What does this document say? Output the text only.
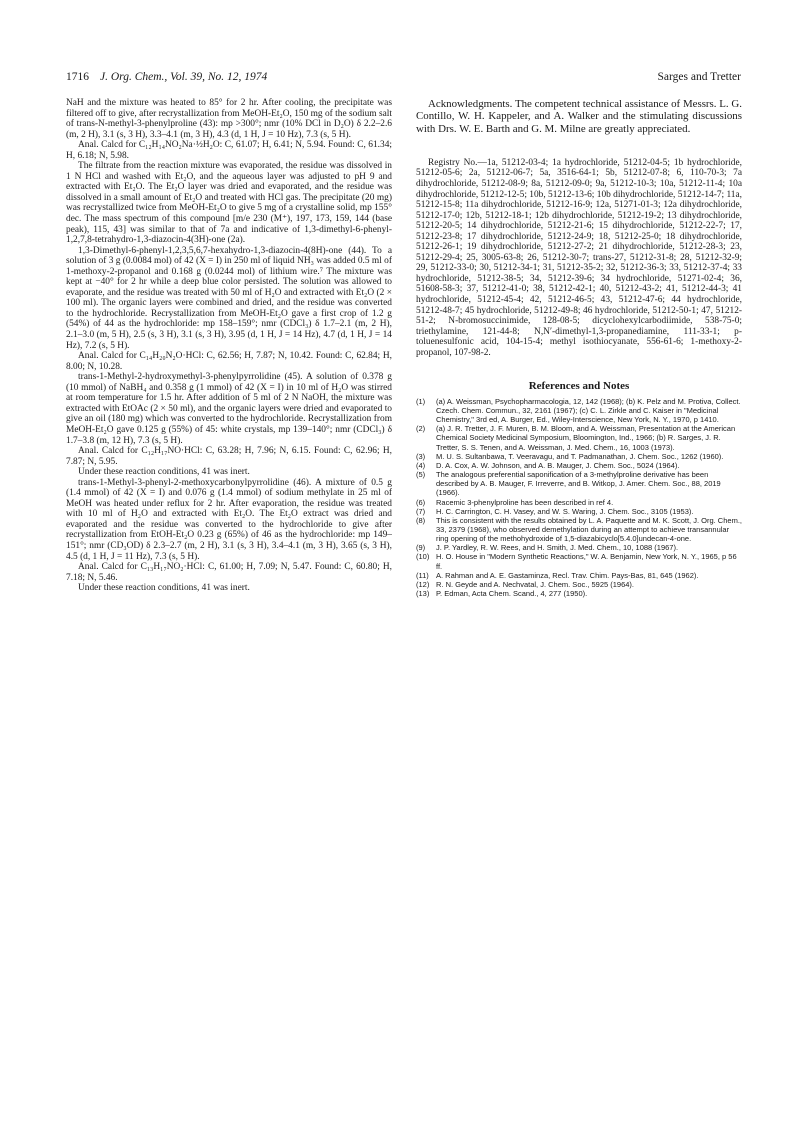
1716 J. Org. Chem., Vol. 39, No. 12, 1974	Sarges and Tretter

NaH and the mixture was heated to 85° for 2 hr. After cooling, the precipitate was filtered off to give, after recrystallization from MeOH-Et₂O, 150 mg of the sodium salt of trans-N-methyl-3-phenylproline (43): mp >300°; nmr (10% DCl in D₂O) δ 2.2–2.6 (m, 2 H), 3.1 (s, 3 H), 3.3–4.1 (m, 3 H), 4.3 (d, 1 H, J = 10 Hz), 7.3 (s, 5 H).

Anal. Calcd for C₁₂H₁₄NO₂Na·½H₂O: C, 61.07; H, 6.41; N, 5.94. Found: C, 61.34; H, 6.18; N, 5.98.

The filtrate from the reaction mixture was evaporated, the residue was dissolved in 1 N HCl and washed with Et₂O, and the aqueous layer was adjusted to pH 9 and extracted with Et₂O. The Et₂O layer was dried and evaporated, and the residue was dissolved in a small amount of Et₂O and treated with HCl gas. The precipitate (20 mg) was recrystallized twice from MeOH-Et₂O to give 5 mg of a crystalline solid, mp 155° dec. The mass spectrum of this compound [m/e 230 (M⁺), 197, 173, 159, 144 (base peak), 115, 43] was similar to that of 7a and indicative of 1,3-dimethyl-6-phenyl-1,2,7,8-tetrahydro-1,3-diazocin-4(3H)-one (2a).

1,3-Dimethyl-6-phenyl-1,2,3,5,6,7-hexahydro-1,3-diazocin-4(8H)-one (44). To a solution of 3 g (0.0084 mol) of 42 (X = I) in 250 ml of liquid NH₃ was added 0.5 ml of 1-methoxy-2-propanol and 0.168 g (0.0244 mol) of lithium wire.⁷ The mixture was kept at −40° for 2 hr while a deep blue color persisted. The solution was allowed to evaporate, and the residue was treated with 50 ml of H₂O and extracted with Et₂O (2 × 100 ml). The organic layers were combined and dried, and the residue was converted to the hydrochloride. Recrystallization from MeOH-Et₂O gave a first crop of 1.2 g (54%) of 44 as the hydrochloride: mp 158–159°; nmr (CDCl₃) δ 1.7–2.1 (m, 2 H), 2.1–3.0 (m, 5 H), 2.5 (s, 3 H), 3.1 (s, 3 H), 3.95 (d, 1 H, J = 14 Hz), 4.7 (d, 1 H, J = 14 Hz), 7.2 (s, 5 H).

Anal. Calcd for C₁₄H₂₀N₂O·HCl: C, 62.56; H, 7.87; N, 10.42. Found: C, 62.84; H, 8.00; N, 10.28.

trans-1-Methyl-2-hydroxymethyl-3-phenylpyrrolidine (45). A solution of 0.378 g (10 mmol) of NaBH₄ and 0.358 g (1 mmol) of 42 (X = I) in 10 ml of H₂O was stirred at room temperature for 1.5 hr. After addition of 5 ml of 2 N NaOH, the mixture was extracted with EtOAc (2 × 50 ml), and the organic layers were dried and evaporated to give an oil (180 mg) which was converted to the hydrochloride. Recrystallization from MeOH-Et₂O gave 0.125 g (55%) of 45: white crystals, mp 139–140°; nmr (CDCl₃) δ 1.7–3.8 (m, 12 H), 7.3 (s, 5 H).

Anal. Calcd for C₁₂H₁₇NO·HCl: C, 63.28; H, 7.96; N, 6.15. Found: C, 62.96; H, 7.87; N, 5.95.

Under these reaction conditions, 41 was inert.

trans-1-Methyl-3-phenyl-2-methoxycarbonylpyrrolidine (46). A mixture of 0.5 g (1.4 mmol) of 42 (X = I) and 0.076 g (1.4 mmol) of sodium methylate in 25 ml of MeOH was heated under reflux for 2 hr. After evaporation, the residue was treated with 10 ml of H₂O and extracted with Et₂O. The Et₂O extract was dried and evaporated and the residue was converted to the hydrochloride to give after recrystallization from EtOH-Et₂O 0.23 g (65%) of 46 as the hydrochloride: mp 149–151°; nmr (CD₃OD) δ 2.3–2.7 (m, 2 H), 3.1 (s, 3 H), 3.4–4.1 (m, 3 H), 3.65 (s, 3 H), 4.5 (d, 1 H, J = 11 Hz), 7.3 (s, 5 H).

Anal. Calcd for C₁₃H₁₇NO₂·HCl: C, 61.00; H, 7.09; N, 5.47. Found: C, 60.80; H, 7.18; N, 5.46.

Under these reaction conditions, 41 was inert.

Acknowledgments. The competent technical assistance of Messrs. L. G. Contillo, W. H. Kappeler, and A. Walker and the stimulating discussions with Drs. W. E. Barth and G. M. Milne are greatly appreciated.

Registry No.—1a, 51212-03-4; 1a hydrochloride, 51212-04-5; 1b hydrochloride, 51212-05-6; 2a, 51212-06-7; 5a, 3516-64-1; 5b, 51212-07-8; 6, 110-70-3; 7a dihydrochloride, 51212-08-9; 8a, 51212-09-0; 9a, 51212-10-3; 10a, 51212-11-4; 10a dihydrochloride, 51212-12-5; 10b, 51212-13-6; 10b dihydrochloride, 51212-14-7; 11a, 51212-15-8; 11a dihydrochloride, 51212-16-9; 12a, 51271-01-3; 12a dihydrochloride, 51212-17-0; 12b, 51212-18-1; 12b dihydrochloride, 51212-19-2; 13 dihydrochloride, 51212-20-5; 14 dihydrochloride, 51212-21-6; 15 dihydrochloride, 51212-22-7; 17, 51212-23-8; 17 dihydrochloride, 51212-24-9; 18, 51212-25-0; 18 dihydrochloride, 51212-26-1; 19 dihydrochloride, 51212-27-2; 21 dihydrochloride, 51212-28-3; 23, 51212-29-4; 25, 3005-63-8; 26, 51212-30-7; trans-27, 51212-31-8; 28, 51212-32-9; 29, 51212-33-0; 30, 51212-34-1; 31, 51212-35-2; 32, 51212-36-3; 33, 51212-37-4; 33 hydrochloride, 51212-38-5; 34, 51212-39-6; 34 hydrochloride, 51271-02-4; 36, 51608-58-3; 37, 51212-41-0; 38, 51212-42-1; 40, 51212-43-2; 41, 51212-44-3; 41 hydrochloride, 51212-45-4; 42, 51212-46-5; 43, 51212-47-6; 44 hydrochloride, 51212-48-7; 45 hydrochloride, 51212-49-8; 46 hydrochloride, 51212-50-1; 47, 51212-51-2; N-bromosuccinimide, 128-08-5; dicyclohexylcarbodiimide, 538-75-0; triethylamine, 121-44-8; N,N′-dimethyl-1,3-propanediamine, 111-33-1; p-toluenesulfonic acid, 104-15-4; methyl isothiocyanate, 556-61-6; 1-methoxy-2-propanol, 107-98-2.

References and Notes
(1)	(a) A. Weissman, Psychopharmacologia, 12, 142 (1968); (b) K. Pelz and M. Protiva, Collect. Czech. Chem. Commun., 32, 2161 (1967); (c) C. L. Zirkle and C. Kaiser in "Medicinal Chemistry," 3rd ed, A. Burger, Ed., Wiley-Interscience, New York, N. Y., 1970, p 1410.
(2)	(a) J. R. Tretter, J. F. Muren, B. M. Bloom, and A. Weissman, Presentation at the American Chemical Society Medicinal Symposium, Bloomington, Ind., 1966; (b) R. Sarges, J. R. Tretter, S. S. Tenen, and A. Weissman, J. Med. Chem., 16, 1003 (1973).
(3)	M. U. S. Sultanbawa, T. Veeravagu, and T. Padmanathan, J. Chem. Soc., 1262 (1960).
(4)	D. A. Cox, A. W. Johnson, and A. B. Mauger, J. Chem. Soc., 5024 (1964).
(5)	The analogous preferential saponification of a 3-methylproline derivative has been described by A. B. Mauger, F. Irreverre, and B. Witkop, J. Amer. Chem. Soc., 88, 2019 (1966).
(6)	Racemic 3-phenylproline has been described in ref 4.
(7)	H. C. Carrington, C. H. Vasey, and W. S. Waring, J. Chem. Soc., 3105 (1953).
(8)	This is consistent with the results obtained by L. A. Paquette and M. K. Scott, J. Org. Chem., 33, 2379 (1968), who observed demethylation during an attempt to achieve transannular ring opening of the methohydroxide of 1,5-diazabicyclo[5.4.0]undecan-4-one.
(9)	J. P. Yardley, R. W. Rees, and H. Smith, J. Med. Chem., 10, 1088 (1967).
(10) H. O. House in "Modern Synthetic Reactions," W. A. Benjamin, New York, N. Y., 1965, p 56 ff.
(11) A. Rahman and A. E. Gastaminza, Recl. Trav. Chim. Pays-Bas, 81, 645 (1962).
(12) R. N. Geyde and A. Nechvatal, J. Chem. Soc., 5925 (1964).
(13) P. Edman, Acta Chem. Scand., 4, 277 (1950).
